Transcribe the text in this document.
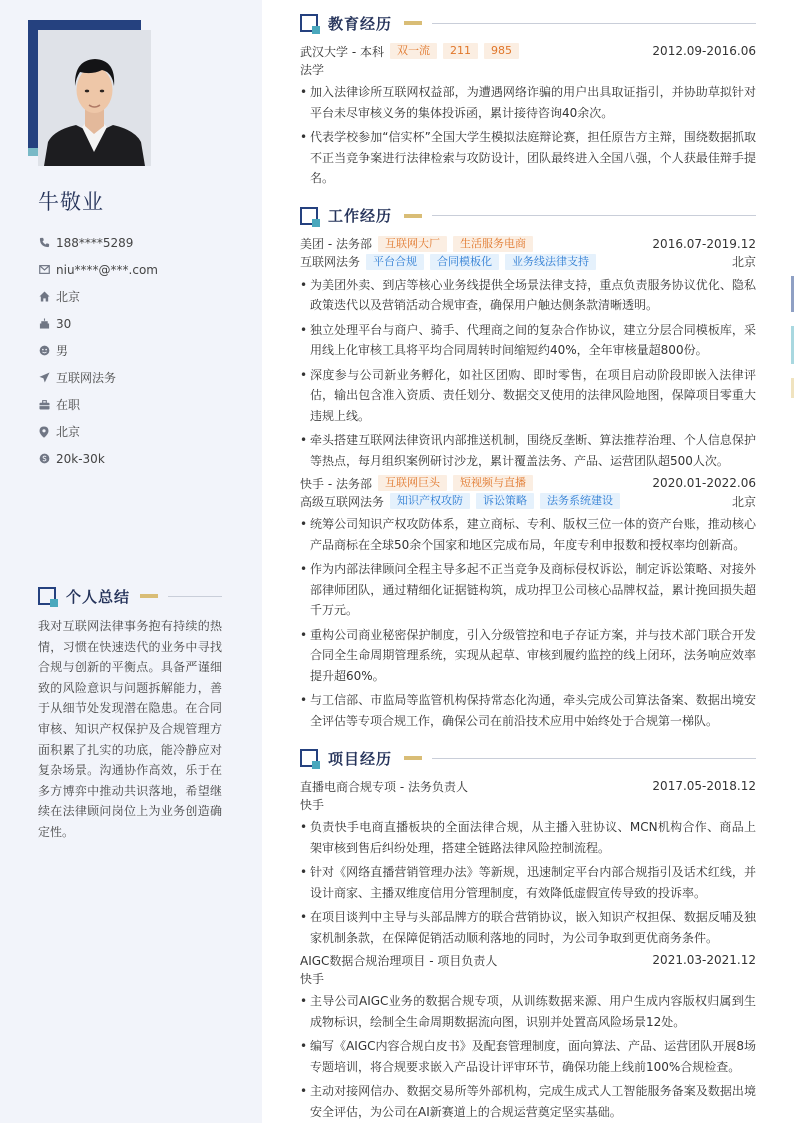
牛敬业
188****5289
niu****@***.com
北京
30
男
互联网法务
在职
北京
20k-30k
个人总结
我对互联网法律事务抱有持续的热情，习惯在快速迭代的业务中寻找合规与创新的平衡点。具备严谨细致的风险意识与问题拆解能力，善于从细节处发现潜在隐患。在合同审核、知识产权保护及合规管理方面积累了扎实的功底，能冷静应对复杂场景。沟通协作高效，乐于在多方博弈中推动共识落地，希望继续在法律顾问岗位上为业务创造确定性。
教育经历
武汉大学 - 本科	双一流	211	985	2012.09-2016.06
法学
• 加入法律诊所互联网权益部，为遭遇网络诈骗的用户出具取证指引，并协助草拟针对平台未尽审核义务的集体投诉函，累计接待咨询40余次。
• 代表学校参加“信实杯”全国大学生模拟法庭辩论赛，担任原告方主辩，围绕数据抓取不正当竞争案进行法律检索与攻防设计，团队最终进入全国八强，个人获最佳辩手提名。
工作经历
美团 - 法务部	互联网大厂	生活服务电商	2016.07-2019.12
互联网法务	平台合规	合同模板化	业务线法律支持	北京
• 为美团外卖、到店等核心业务线提供全场景法律支持，重点负责服务协议优化、隐私政策迭代以及营销活动合规审查，确保用户触达侧条款清晰透明。
• 独立处理平台与商户、骑手、代理商之间的复杂合作协议，建立分层合同模板库，采用线上化审核工具将平均合同周转时间缩短约40%，全年审核量超800份。
• 深度参与公司新业务孵化，如社区团购、即时零售，在项目启动阶段即嵌入法律评估，输出包含准入资质、责任划分、数据交叉使用的法律风险地图，保障项目零重大违规上线。
• 牵头搭建互联网法律资讯内部推送机制，围绕反垄断、算法推荐治理、个人信息保护等热点，每月组织案例研讨沙龙，累计覆盖法务、产品、运营团队超500人次。
快手 - 法务部	互联网巨头	短视频与直播	2020.01-2022.06
高级互联网法务	知识产权攻防	诉讼策略	法务系统建设	北京
• 统筹公司知识产权攻防体系，建立商标、专利、版权三位一体的资产台账，推动核心产品商标在全球50余个国家和地区完成布局，年度专利申报数和授权率均创新高。
• 作为内部法律顾问全程主导多起不正当竞争及商标侵权诉讼，制定诉讼策略、对接外部律师团队，通过精细化证据链构筑，成功捍卫公司核心品牌权益，累计挽回损失超千万元。
• 重构公司商业秘密保护制度，引入分级管控和电子存证方案，并与技术部门联合开发合同全生命周期管理系统，实现从起草、审核到履约监控的线上闭环，法务响应效率提升超60%。
• 与工信部、市监局等监管机构保持常态化沟通，牵头完成公司算法备案、数据出境安全评估等专项合规工作，确保公司在前沿技术应用中始终处于合规第一梯队。
项目经历
直播电商合规专项 - 法务负责人	2017.05-2018.12
快手
• 负责快手电商直播板块的全面法律合规，从主播入驻协议、MCN机构合作、商品上架审核到售后纠纷处理，搭建全链路法律风险控制流程。
• 针对《网络直播营销管理办法》等新规，迅速制定平台内部合规指引及话术红线，并设计商家、主播双维度信用分管理制度，有效降低虚假宣传导致的投诉率。
• 在项目谈判中主导与头部品牌方的联合营销协议，嵌入知识产权担保、数据反哺及独家机制条款，在保障促销活动顺利落地的同时，为公司争取到更优商务条件。
AIGC数据合规治理项目 - 项目负责人	2021.03-2021.12
快手
• 主导公司AIGC业务的数据合规专项，从训练数据来源、用户生成内容版权归属到生成物标识，绘制全生命周期数据流向图，识别并处置高风险场景12处。
• 编写《AIGC内容合规白皮书》及配套管理制度，面向算法、产品、运营团队开展8场专题培训，将合规要求嵌入产品设计评审环节，确保功能上线前100%合规检查。
• 主动对接网信办、数据交易所等外部机构，完成生成式人工智能服务备案及数据出境安全评估，为公司在AI新赛道上的合规运营奠定坚实基础。
